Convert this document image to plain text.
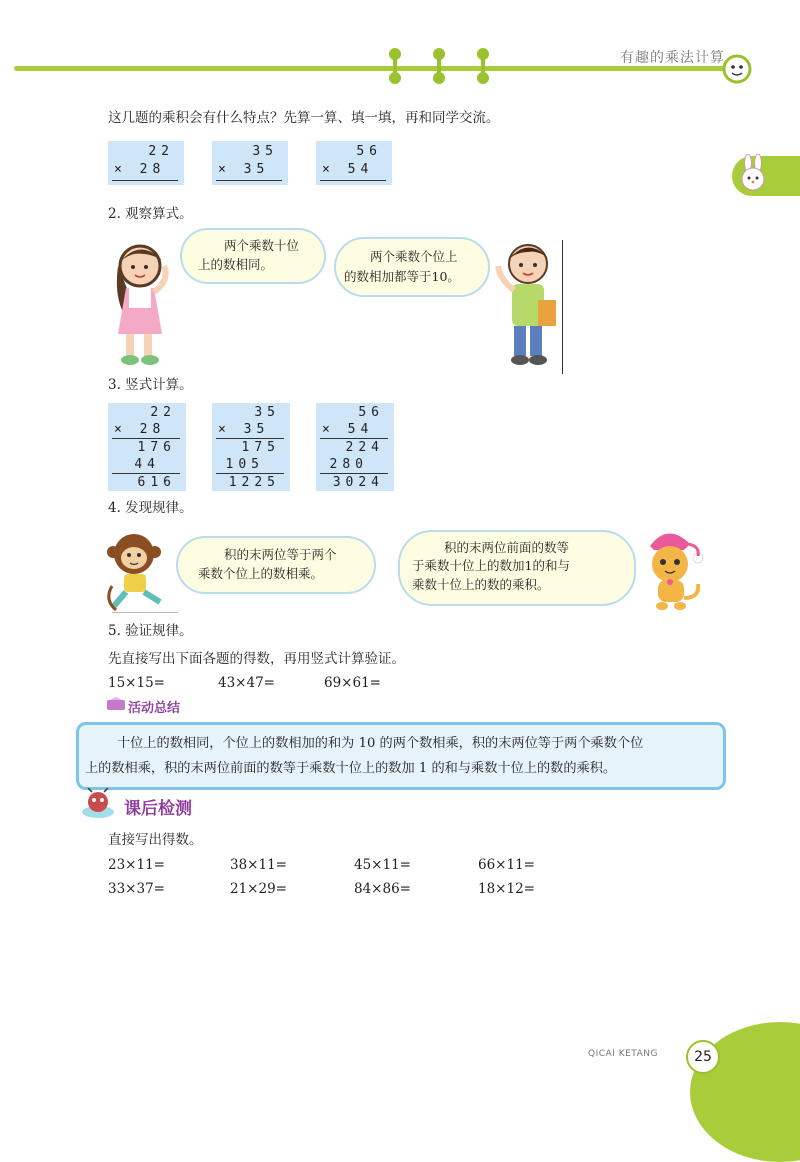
有趣的乘法计算
这几题的乘积会有什么特点？先算一算、填一填，再和同学交流。
22
× 28
35
× 35
56
× 54
2. 观察算式。
两个乘数十位
上的数相同。
两个乘数个位上
的数相加都等于10。
3. 竖式计算。
22
× 28
176
44
616
35
× 35
175
105
1225
56
× 54
224
280
3024
4. 发现规律。
积的末两位等于两个
乘数个位上的数相乘。
积的末两位前面的数等
于乘数十位上的数加1的和与
乘数十位上的数的乘积。
5. 验证规律。
先直接写出下面各题的得数，再用竖式计算验证。
15×15=	43×47=	69×61=
活动总结

十位上的数相同，个位上的数相加的和为 10 的两个数相乘，积的末两位等于两个乘数个位

上的数相乘，积的末两位前面的数等于乘数十位上的数加 1 的和与乘数十位上的数的乘积。

课后检测
直接写出得数。
23×11=	38×11=	45×11=	66×11=
33×37=	21×29=	84×86=	18×12=
QICAI KETANG	25
